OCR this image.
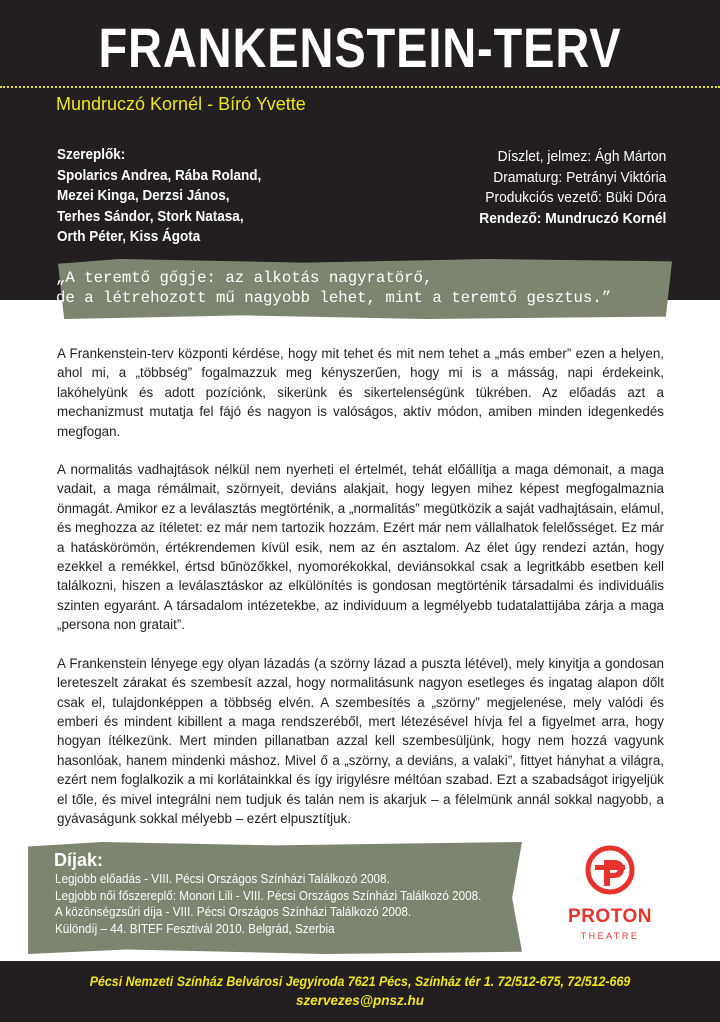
FRANKENSTEIN-TERV
Mundruczó Kornél - Bíró Yvette
Szereplők:
Spolarics Andrea, Rába Roland,
Mezei Kinga, Derzsi János,
Terhes Sándor, Stork Natasa,
Orth Péter, Kiss Ágota
Díszlet, jelmez: Ágh Márton
Dramaturg: Petrányi Viktória
Produkciós vezető: Büki Dóra
Rendező: Mundruczó Kornél
„A teremtő gőgje: az alkotás nagyratörő,
de a létrehozott mű nagyobb lehet, mint a teremtő gesztus.”

A Frankenstein-terv központi kérdése, hogy mit tehet és mit nem tehet a „más ember” ezen a helyen, ahol mi, a „többség” fogalmazzuk meg kényszerűen, hogy mi is a másság, napi érdekeink, lakóhelyünk és adott pozíciónk, sikerünk és sikertelenségünk tükrében. Az előadás azt a mechanizmust mutatja fel fájó és nagyon is valóságos, aktív módon, amiben minden idegenkedés megfogan.

A normalitás vadhajtások nélkül nem nyerheti el értelmét, tehát előállítja a maga démonait, a maga vadait, a maga rémálmait, szörnyeit, deviáns alakjait, hogy legyen mihez képest megfogalmaznia önmagát. Amikor ez a leválasztás megtörténik, a „normalitás” megütközik a saját vadhajtásain, elámul, és meghozza az ítéletet: ez már nem tartozik hozzám. Ezért már nem vállalhatok felelősséget. Ez már a hatáskörömön, értékrendemen kívül esik, nem az én asztalom. Az élet úgy rendezi aztán, hogy ezekkel a remékkel, értsd bűnözőkkel, nyomorékokkal, deviánsokkal csak a legritkább esetben kell találkozni, hiszen a leválasztáskor az elkülönítés is gondosan megtörténik társadalmi és individuális szinten egyaránt. A társadalom intézetekbe, az individuum a legmélyebb tudatalattijába zárja a maga „persona non gratait”.

A Frankenstein lényege egy olyan lázadás (a szörny lázad a puszta létével), mely kinyitja a gondosan lereteszelt zárakat és szembesít azzal, hogy normalitásunk nagyon esetleges és ingatag alapon dőlt csak el, tulajdonképpen a többség elvén. A szembesítés a „szörny” megjelenése, mely valódi és emberi és mindent kibillent a maga rendszeréből, mert létezésével hívja fel a figyelmet arra, hogy hogyan ítélkezünk. Mert minden pillanatban azzal kell szembesüljünk, hogy nem hozzá vagyunk hasonlóak, hanem mindenki máshoz. Mivel ő a „szörny, a deviáns, a valaki”, fittyet hányhat a világra, ezért nem foglalkozik a mi korlátainkkal és így irigylésre méltóan szabad. Ezt a szabadságot irigyeljük el tőle, és mivel integrálni nem tudjuk és talán nem is akarjuk – a félelmünk annál sokkal nagyobb, a gyávaságunk sokkal mélyebb – ezért elpusztítjuk.

Díjak:
Legjobb előadás - VIII. Pécsi Országos Színházi Találkozó 2008.
Legjobb női főszereplő: Monori Lili - VIII. Pécsi Országos Színházi Találkozó 2008.
A közönségzsűri díja - VIII. Pécsi Országos Színházi Találkozó 2008.
Különdíj – 44. BITEF Fesztivál 2010. Belgrád, Szerbia
PROTON
THEATRE
Pécsi Nemzeti Színház Belvárosi Jegyiroda 7621 Pécs, Színház tér 1. 72/512-675, 72/512-669
szervezes@pnsz.hu
